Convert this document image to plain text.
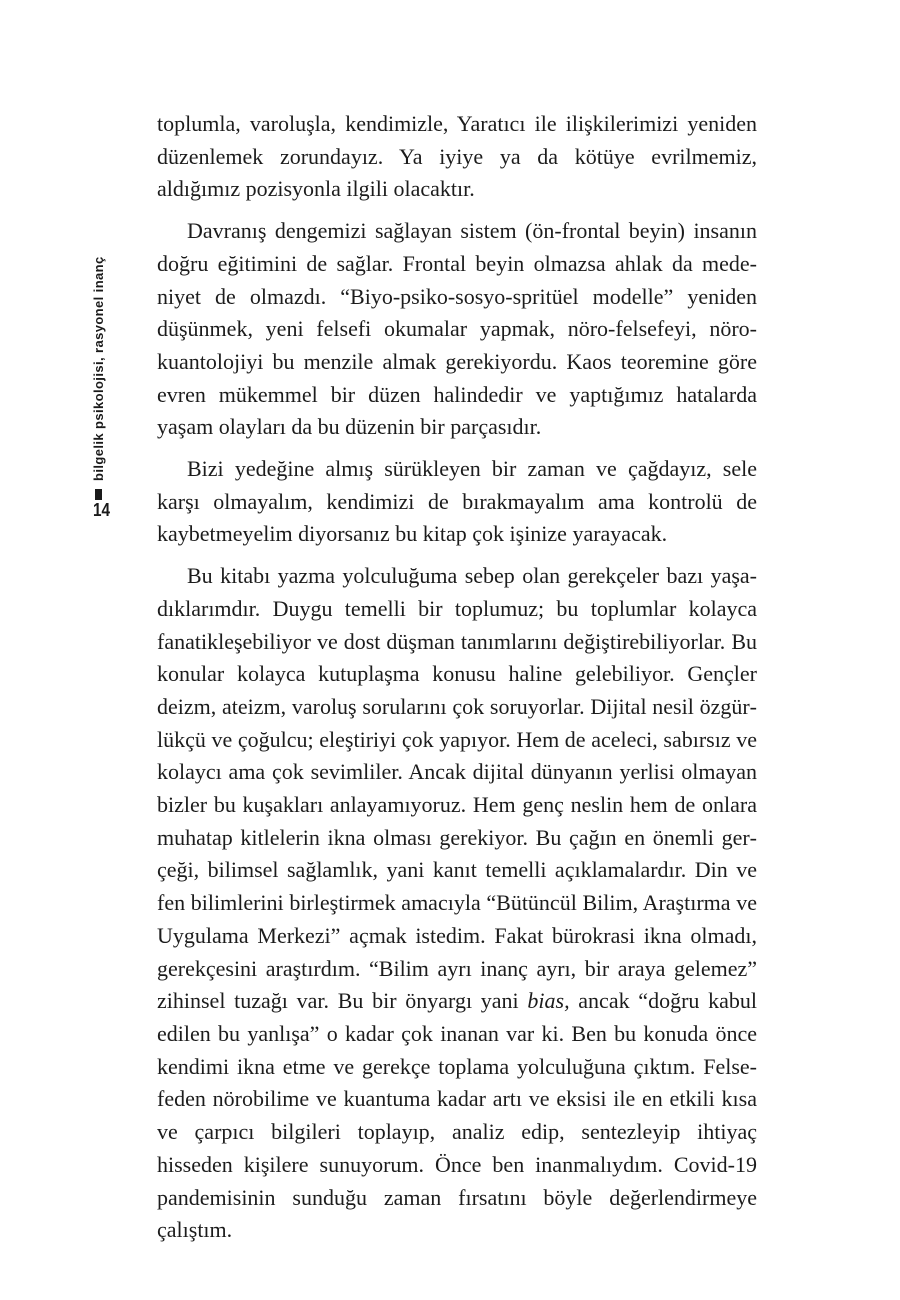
bilgelik psikolojisi, rasyonel inanç
14

toplumla, varoluşla, kendimizle, Yaratıcı ile ilişkilerimizi yeniden düzenlemek zorundayız. Ya iyiye ya da kötüye evrilmemiz, aldığımız pozisyonla ilgili olacaktır.

Davranış dengemizi sağlayan sistem (ön-frontal beyin) insanın doğru eğitimini de sağlar. Frontal beyin olmazsa ahlak da medeniyet de olmazdı. “Biyo-psiko-sosyo-spritüel modelle” yeniden düşünmek, yeni felsefi okumalar yapmak, nöro-felsefeyi, nörokuantolojiyi bu menzile almak gerekiyordu. Kaos teoremine göre evren mükemmel bir düzen halindedir ve yaptığımız hatalarda yaşam olayları da bu düzenin bir parçasıdır.

Bizi yedeğine almış sürükleyen bir zaman ve çağdayız, sele karşı olmayalım, kendimizi de bırakmayalım ama kontrolü de kaybetmeyelim diyorsanız bu kitap çok işinize yarayacak.

Bu kitabı yazma yolculuğuma sebep olan gerekçeler bazı yaşadıklarımdır. Duygu temelli bir toplumuz; bu toplumlar kolayca fanatikleşebiliyor ve dost düşman tanımlarını değiştirebiliyorlar. Bu konular kolayca kutuplaşma konusu haline gelebiliyor. Gençler deizm, ateizm, varoluş sorularını çok soruyorlar. Dijital nesil özgürlükçü ve çoğulcu; eleştiriyi çok yapıyor. Hem de aceleci, sabırsız ve kolaycı ama çok sevimliler. Ancak dijital dünyanın yerlisi olmayan bizler bu kuşakları anlayamıyoruz. Hem genç neslin hem de onlara muhatap kitlelerin ikna olması gerekiyor. Bu çağın en önemli gerçeği, bilimsel sağlamlık, yani kanıt temelli açıklamalardır. Din ve fen bilimlerini birleştirmek amacıyla “Bütüncül Bilim, Araştırma ve Uygulama Merkezi” açmak istedim. Fakat bürokrasi ikna olmadı, gerekçesini araştırdım. “Bilim ayrı inanç ayrı, bir araya gelemez” zihinsel tuzağı var. Bu bir önyargı yani bias, ancak “doğru kabul edilen bu yanlışa” o kadar çok inanan var ki. Ben bu konuda önce kendimi ikna etme ve gerekçe toplama yolculuğuna çıktım. Felsefeden nörobilime ve kuantuma kadar artı ve eksisi ile en etkili kısa ve çarpıcı bilgileri toplayıp, analiz edip, sentezleyip ihtiyaç hisseden kişilere sunuyorum. Önce ben inanmalıydım. Covid-19 pandemisinin sunduğu zaman fırsatını böyle değerlendirmeye çalıştım.
